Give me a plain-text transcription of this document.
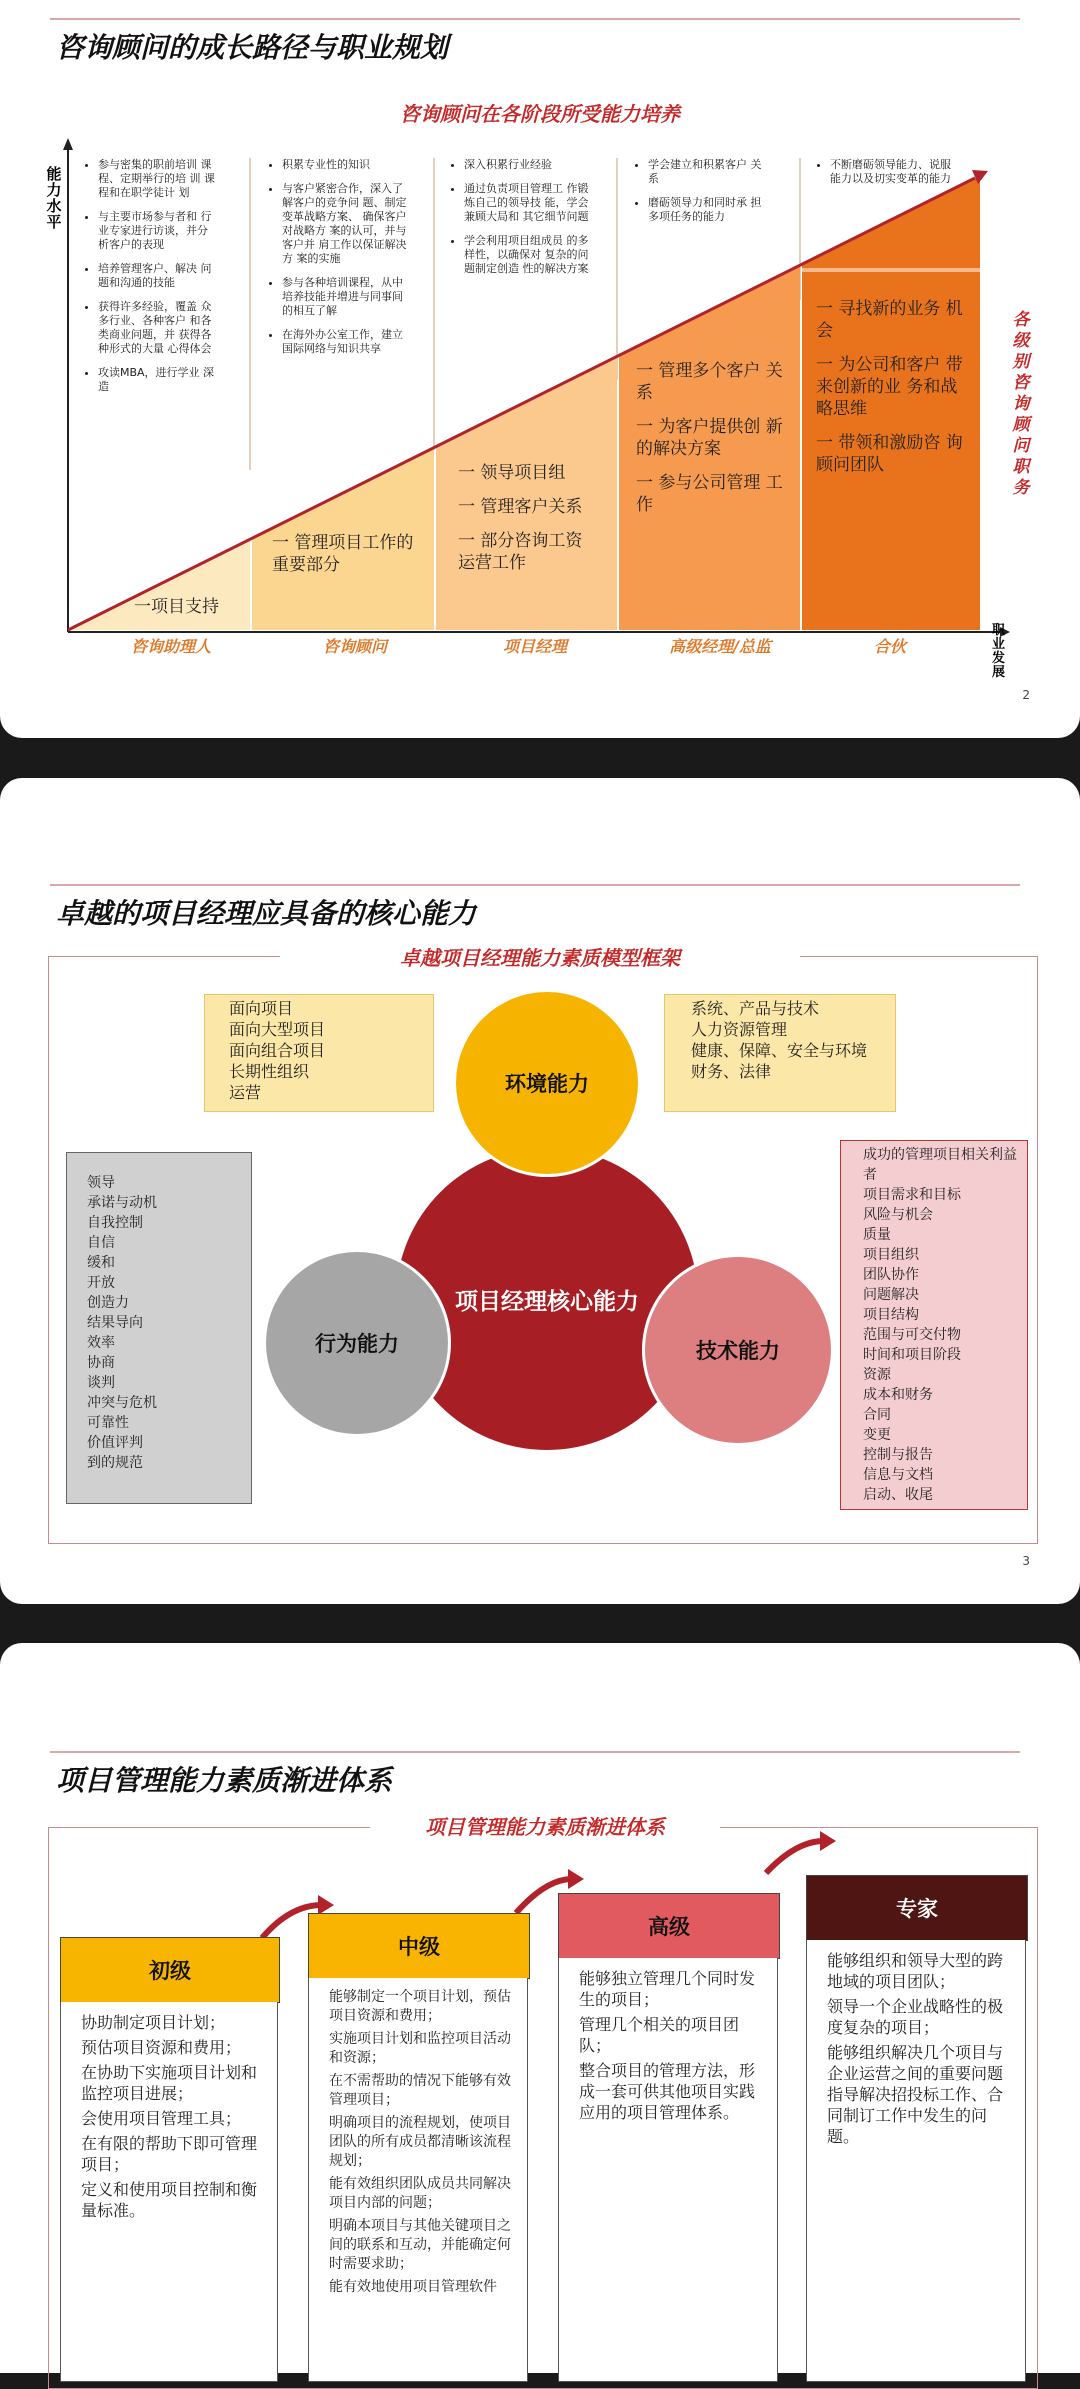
咨询顾问的成长路径与职业规划
咨询顾问在各阶段所受能力培养
能力水平
职业发展
各级别咨询顾问职务
• 参与密集的职前培训 课程、定期举行的培 训 课程和在职学徒计 划
• 与主要市场参与者和 行业专家进行访谈，并分析客户的表现
• 培养管理客户、解决 问题和沟通的技能
• 获得许多经验，覆盖 众多行业、各种客户 和各类商业问题，并 获得各种形式的大量 心得体会
• 攻读MBA，进行学业 深造
• 积累专业性的知识
• 与客户紧密合作，深入了解客户的竞争问 题、制定变革战略方案、 确保客户对战略方 案的认可，并与客户并 肩工作以保证解决方 案的实施
• 参与各种培训课程，从中培养技能并增进与同事间的相互了解
• 在海外办公室工作，建立国际网络与知识共享
• 深入积累行业经验
• 通过负责项目管理工 作锻炼自己的领导技 能，学会兼顾大局和 其它细节问题
• 学会利用项目组成员 的多样性，以确保对 复杂的问题制定创造 性的解决方案
• 学会建立和积累客户 关系
• 磨砺领导力和同时承 担多项任务的能力
• 不断磨砺领导能力、说服能力以及切实变革的能力
一项目支持
一 管理项目工作的 重要部分
一 领导项目组
一 管理客户关系
一 部分咨询工资 运营工作
一 管理多个客户 关系
一 为客户提供创 新的解决方案
一 参与公司管理 工作
一 寻找新的业务 机会
一 为公司和客户 带来创新的业 务和战略思维
一 带领和激励咨 询顾问团队
咨询助理人	咨询顾问	项目经理	高级经理/总监	合伙
2
卓越的项目经理应具备的核心能力
卓越项目经理能力素质模型框架
面向项目
面向大型项目
面向组合项目
长期性组织
运营
系统、产品与技术
人力资源管理
健康、保障、安全与环境
财务、法律
领导
承诺与动机
自我控制
自信
缓和
开放
创造力
结果导向
效率
协商
谈判
冲突与危机
可靠性
价值评判
到的规范
成功的管理项目相关利益者
项目需求和目标
风险与机会
质量
项目组织
团队协作
问题解决
项目结构
范围与可交付物
时间和项目阶段
资源
成本和财务
合同
变更
控制与报告
信息与文档
启动、收尾
项目经理核心能力
环境能力
行为能力	技术能力
3
项目管理能力素质渐进体系
项目管理能力素质渐进体系
初级
协助制定项目计划；
预估项目资源和费用；
在协助下实施项目计划和监控项目进展；
会使用项目管理工具；
在有限的帮助下即可管理项目；
定义和使用项目控制和衡量标准。
中级
能够制定一个项目计划，预估项目资源和费用；
实施项目计划和监控项目活动和资源；
在不需帮助的情况下能够有效管理项目；
明确项目的流程规划，使项目团队的所有成员都清晰该流程规划；
能有效组织团队成员共同解决项目内部的问题；
明确本项目与其他关键项目之间的联系和互动，并能确定何时需要求助；
能有效地使用项目管理软件
高级
能够独立管理几个同时发生的项目；
管理几个相关的项目团队；
整合项目的管理方法，形成一套可供其他项目实践应用的项目管理体系。
专家
能够组织和领导大型的跨地域的项目团队；
领导一个企业战略性的极度复杂的项目；
能够组织解决几个项目与企业运营之间的重要问题指导解决招投标工作、合同制订工作中发生的问题。
